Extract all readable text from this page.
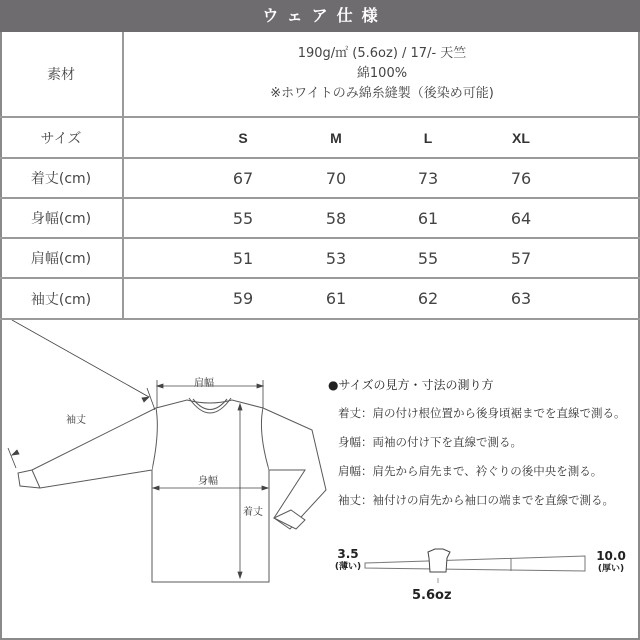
ウェア仕様
素材
190g/㎡ (5.6oz) / 17/- 天竺
綿100%
※ホワイトのみ綿糸縫製（後染め可能)
サイズ	S	M	L	XL
着丈(cm)	67	70	73	76
身幅(cm)	55	58	61	64
肩幅(cm)	51	53	55	57
袖丈(cm)	59	61	62	63
肩幅
袖丈
身幅
着丈
●サイズの見方・寸法の測り方
着丈：肩の付け根位置から後身頃裾までを直線で測る。
身幅：両袖の付け下を直線で測る。
肩幅：肩先から肩先まで、衿ぐりの後中央を測る。
袖丈：袖付けの肩先から袖口の端までを直線で測る。
3.5
(薄い)
10.0
(厚い)
5.6oz
